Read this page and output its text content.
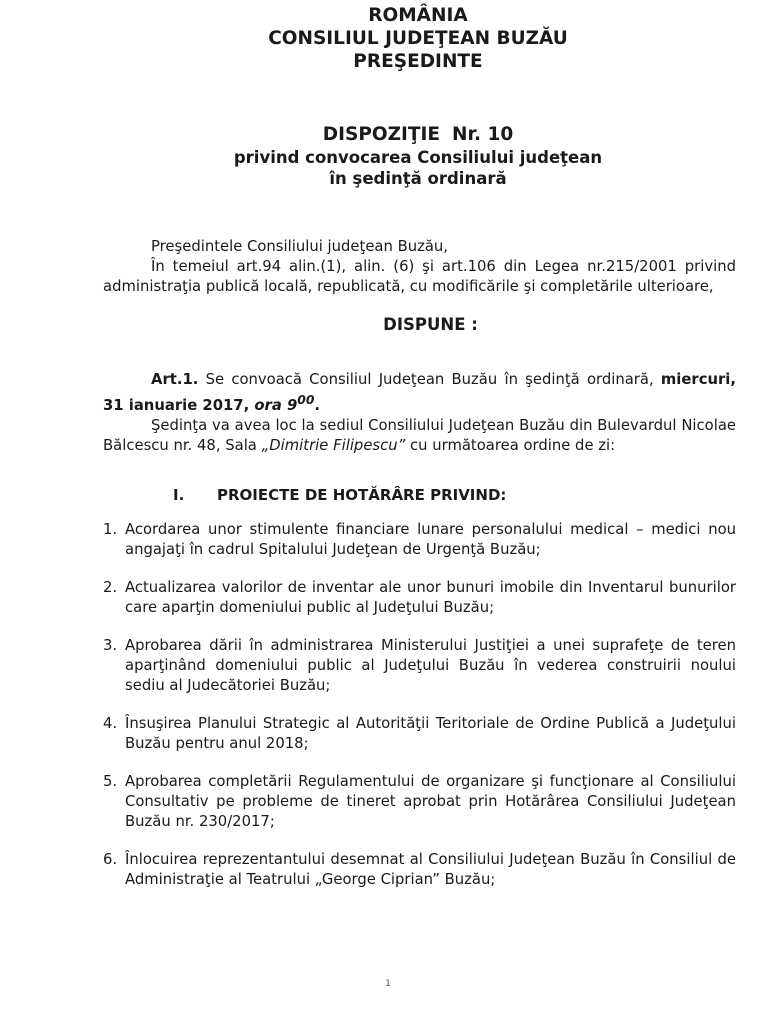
ROMÂNIA
CONSILIUL JUDEŢEAN BUZĂU
PREŞEDINTE
DISPOZIŢIE Nr. 10
privind convocarea Consiliului judeţean
în şedinţă ordinară

Preşedintele Consiliului judeţean Buzău,

În temeiul art.94 alin.(1), alin. (6) şi art.106 din Legea nr.215/2001 privind administraţia publică locală, republicată, cu modificările şi completările ulterioare,

DISPUNE :

Art.1. Se convoacă Consiliul Judeţean Buzău în şedinţă ordinară, miercuri, 31 ianuarie 2017, ora $9^{00}$.

Şedinţa va avea loc la sediul Consiliului Judeţean Buzău din Bulevardul Nicolae Bălcescu nr. 48, Sala „Dimitrie Filipescu” cu următoarea ordine de zi:

I. PROIECTE DE HOTĂRÂRE PRIVIND:
1. Acordarea unor stimulente financiare lunare personalului medical – medici nou angajaţi în cadrul Spitalului Judeţean de Urgenţă Buzău;
2. Actualizarea valorilor de inventar ale unor bunuri imobile din Inventarul bunurilor care aparţin domeniului public al Judeţului Buzău;
3. Aprobarea dării în administrarea Ministerului Justiţiei a unei suprafeţe de teren aparţinând domeniului public al Judeţului Buzău în vederea construirii noului sediu al Judecătoriei Buzău;
4. Însuşirea Planului Strategic al Autorităţii Teritoriale de Ordine Publică a Judeţului Buzău pentru anul 2018;
5. Aprobarea completării Regulamentului de organizare şi funcţionare al Consiliului Consultativ pe probleme de tineret aprobat prin Hotărârea Consiliului Judeţean Buzău nr. 230/2017;
6. Înlocuirea reprezentantului desemnat al Consiliului Judeţean Buzău în Consiliul de Administraţie al Teatrului „George Ciprian” Buzău;
1
